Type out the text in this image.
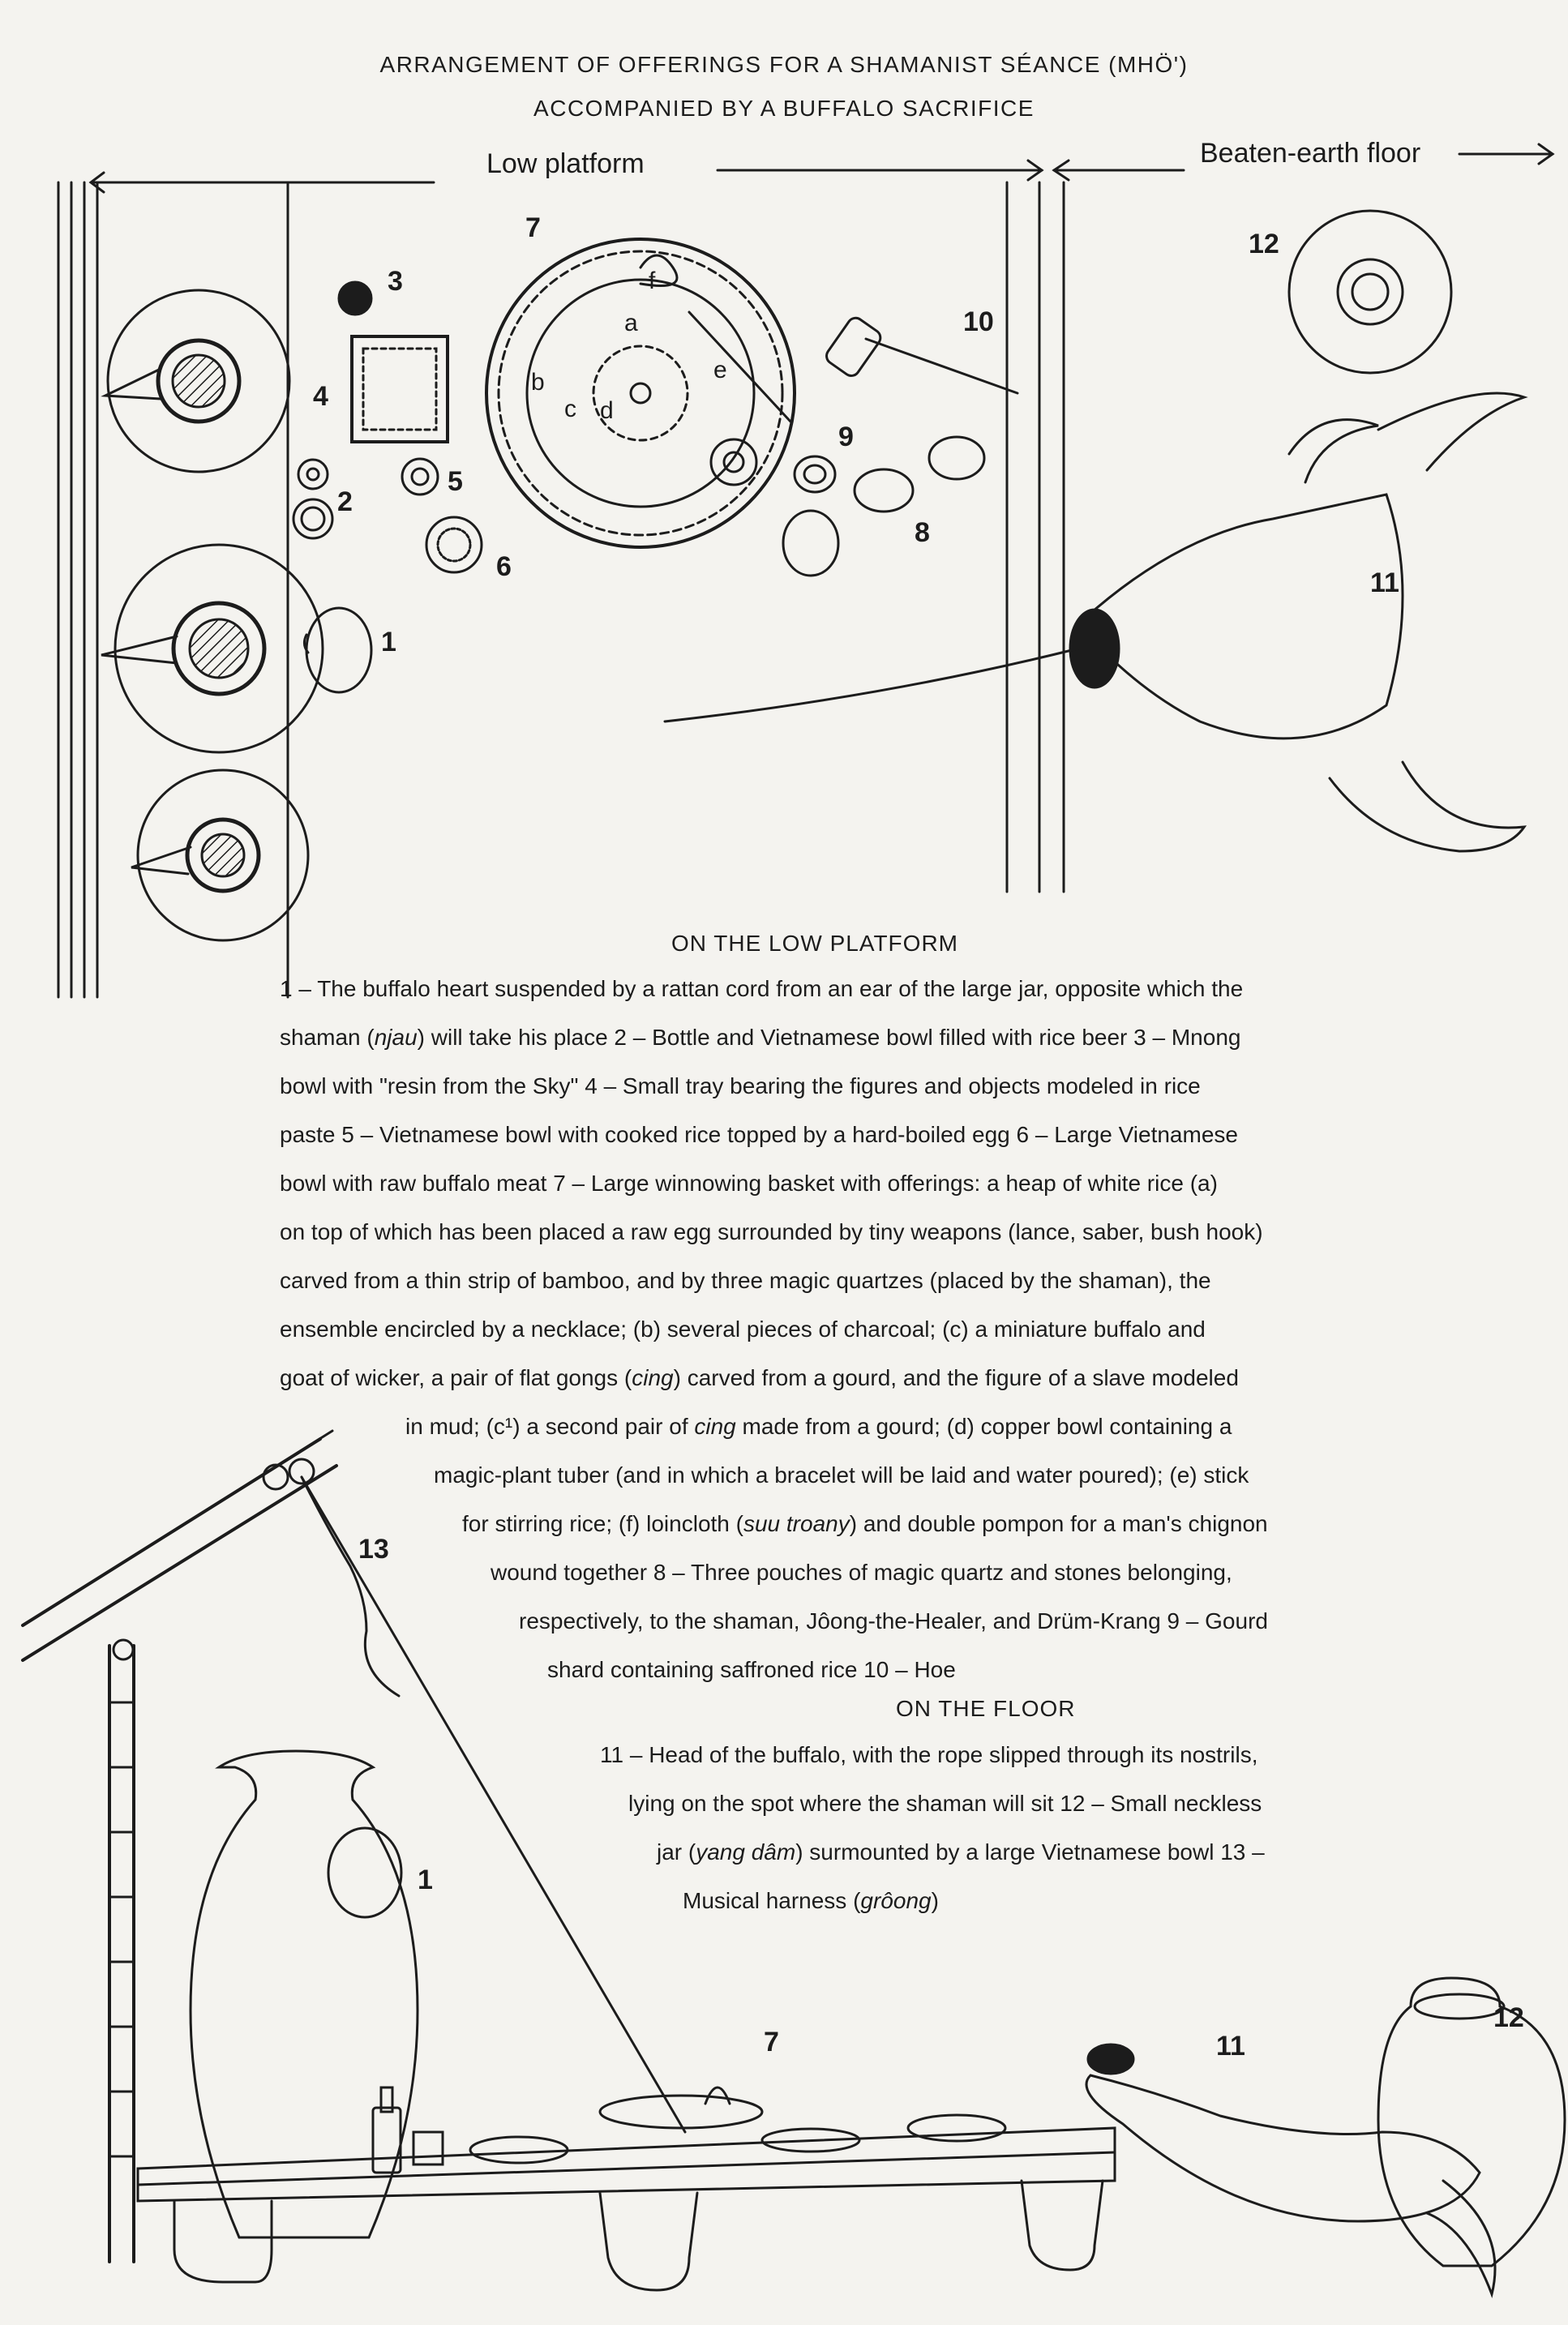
ARRANGEMENT OF OFFERINGS FOR A SHAMANIST SÉANCE (MHÖ')
ACCOMPANIED BY A BUFFALO SACRIFICE
Low platform	Beaten-earth floor
1
2
3
4
5
6
7
8
9
10
11
12
13
1
7	11
12
a
b
c d
e
f
ON THE LOW PLATFORM
1 – The buffalo heart suspended by a rattan cord from an ear of the large jar, opposite which the
shaman (njau) will take his place 2 – Bottle and Vietnamese bowl filled with rice beer 3 – Mnong
bowl with "resin from the Sky" 4 – Small tray bearing the figures and objects modeled in rice
paste 5 – Vietnamese bowl with cooked rice topped by a hard-boiled egg 6 – Large Vietnamese
bowl with raw buffalo meat 7 – Large winnowing basket with offerings: a heap of white rice (a)
on top of which has been placed a raw egg surrounded by tiny weapons (lance, saber, bush hook)
carved from a thin strip of bamboo, and by three magic quartzes (placed by the shaman), the
ensemble encircled by a necklace; (b) several pieces of charcoal; (c) a miniature buffalo and
goat of wicker, a pair of flat gongs (cing) carved from a gourd, and the figure of a slave modeled
in mud; (c¹) a second pair of cing made from a gourd; (d) copper bowl containing a
magic-plant tuber (and in which a bracelet will be laid and water poured); (e) stick
for stirring rice; (f) loincloth (suu troany) and double pompon for a man's chignon
wound together 8 – Three pouches of magic quartz and stones belonging,
respectively, to the shaman, Jôong-the-Healer, and Drüm-Krang 9 – Gourd
shard containing saffroned rice 10 – Hoe
ON THE FLOOR
11 – Head of the buffalo, with the rope slipped through its nostrils,
lying on the spot where the shaman will sit 12 – Small neckless
jar (yang dâm) surmounted by a large Vietnamese bowl 13 –
Musical harness (grôong)
